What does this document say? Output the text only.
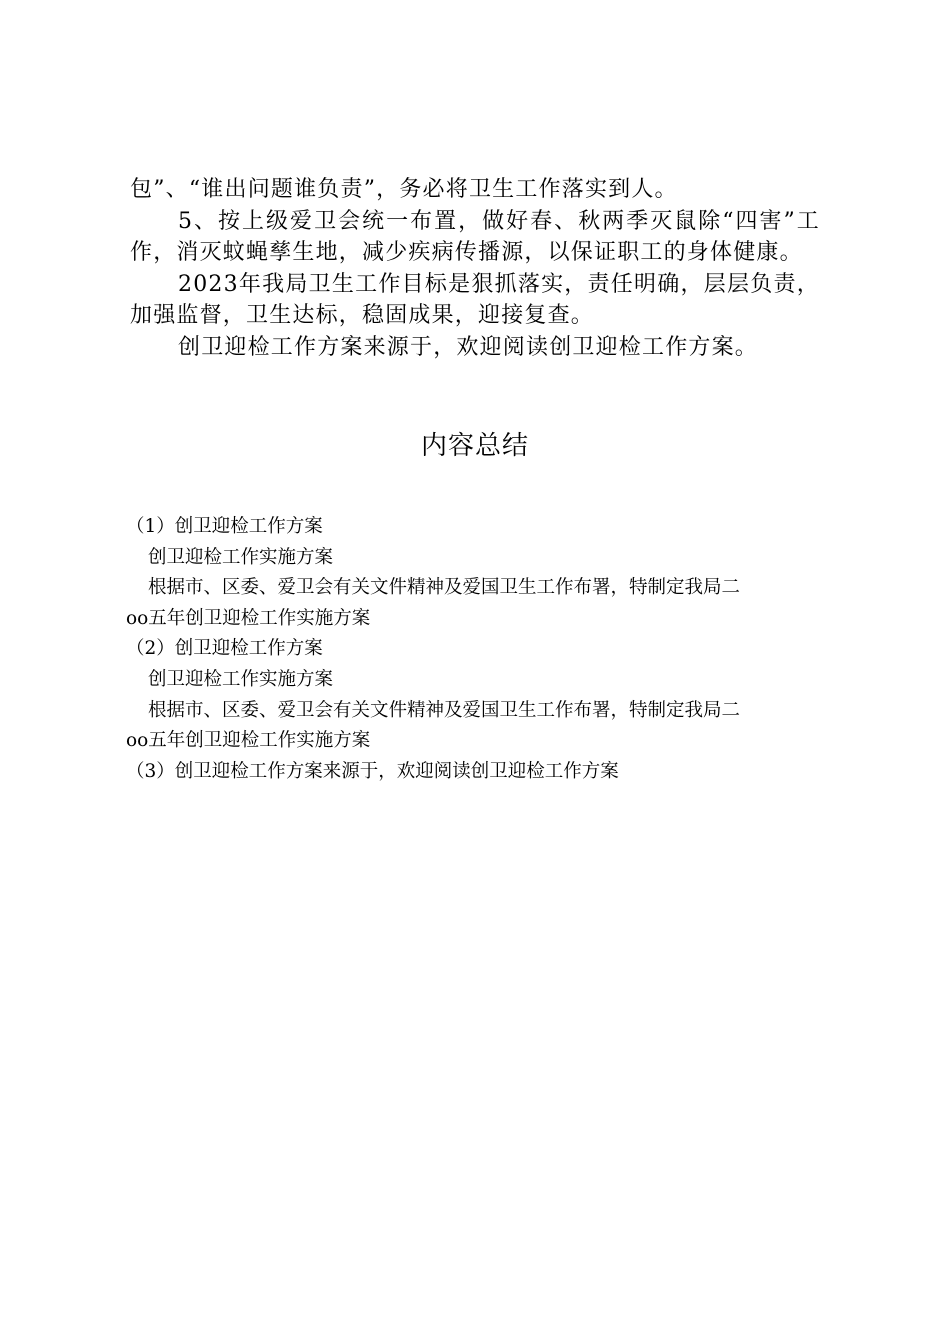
包”、“谁出问题谁负责”，务必将卫生工作落实到人。

5、按上级爱卫会统一布置，做好春、秋两季灭鼠除“四害”工作，消灭蚊蝇孳生地，减少疾病传播源，以保证职工的身体健康。

2023年我局卫生工作目标是狠抓落实，责任明确，层层负责，加强监督，卫生达标，稳固成果，迎接复查。

创卫迎检工作方案来源于，欢迎阅读创卫迎检工作方案。

内容总结

（1）创卫迎检工作方案

创卫迎检工作实施方案

根据市、区委、爱卫会有关文件精神及爱国卫生工作布署，特制定我局二

oo五年创卫迎检工作实施方案

（2）创卫迎检工作方案

创卫迎检工作实施方案

根据市、区委、爱卫会有关文件精神及爱国卫生工作布署，特制定我局二

oo五年创卫迎检工作实施方案

（3）创卫迎检工作方案来源于，欢迎阅读创卫迎检工作方案
